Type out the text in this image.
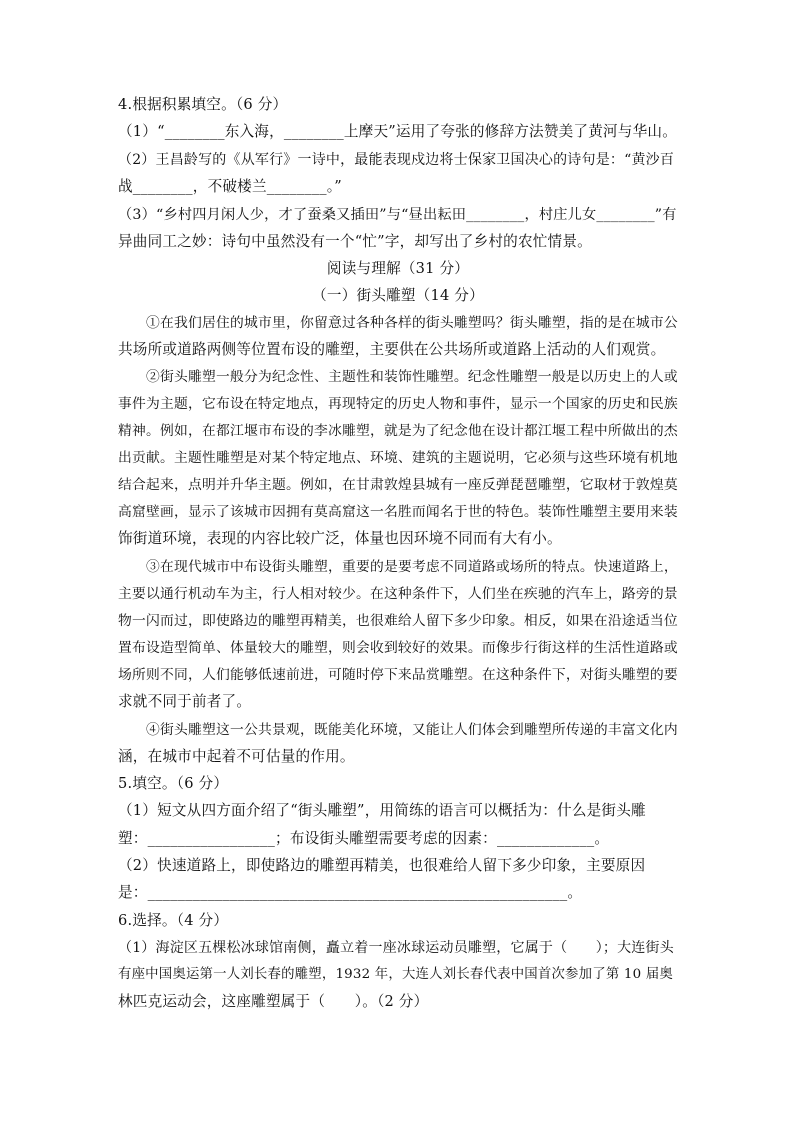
4.根据积累填空。（6 分）
（1）“________东入海，________上摩天”运用了夸张的修辞方法赞美了黄河与华山。
（2）王昌龄写的《从军行》一诗中，最能表现戍边将士保家卫国决心的诗句是：“黄沙百
战________，不破楼兰________。”
（3）“乡村四月闲人少，才了蚕桑又插田”与“昼出耘田________，村庄儿女________”有
异曲同工之妙：诗句中虽然没有一个“忙”字，却写出了乡村的农忙情景。
阅读与理解（31 分）
（一）街头雕塑（14 分）
①在我们居住的城市里，你留意过各种各样的街头雕塑吗？街头雕塑，指的是在城市公
共场所或道路两侧等位置布设的雕塑，主要供在公共场所或道路上活动的人们观赏。
②街头雕塑一般分为纪念性、主题性和装饰性雕塑。纪念性雕塑一般是以历史上的人或
事件为主题，它布设在特定地点，再现特定的历史人物和事件，显示一个国家的历史和民族
精神。例如，在都江堰市布设的李冰雕塑，就是为了纪念他在设计都江堰工程中所做出的杰
出贡献。主题性雕塑是对某个特定地点、环境、建筑的主题说明，它必须与这些环境有机地
结合起来，点明并升华主题。例如，在甘肃敦煌县城有一座反弹琵琶雕塑，它取材于敦煌莫
高窟壁画，显示了该城市因拥有莫高窟这一名胜而闻名于世的特色。装饰性雕塑主要用来装
饰街道环境，表现的内容比较广泛，体量也因环境不同而有大有小。
③在现代城市中布设街头雕塑，重要的是要考虑不同道路或场所的特点。快速道路上，
主要以通行机动车为主，行人相对较少。在这种条件下，人们坐在疾驰的汽车上，路旁的景
物一闪而过，即使路边的雕塑再精美，也很难给人留下多少印象。相反，如果在沿途适当位
置布设造型简单、体量较大的雕塑，则会收到较好的效果。而像步行街这样的生活性道路或
场所则不同，人们能够低速前进，可随时停下来品赏雕塑。在这种条件下，对街头雕塑的要
求就不同于前者了。
④街头雕塑这一公共景观，既能美化环境，又能让人们体会到雕塑所传递的丰富文化内
涵，在城市中起着不可估量的作用。
5.填空。（6 分）
（1）短文从四方面介绍了“街头雕塑”，用简练的语言可以概括为：什么是街头雕
塑：_________________；布设街头雕塑需要考虑的因素：_____________。
（2）快速道路上，即使路边的雕塑再精美，也很难给人留下多少印象，主要原因
是：________________________________________________________。
6.选择。（4 分）
（1）海淀区五棵松冰球馆南侧，矗立着一座冰球运动员雕塑，它属于（　　）；大连街头
有座中国奥运第一人刘长春的雕塑，1932 年，大连人刘长春代表中国首次参加了第 10 届奥
林匹克运动会，这座雕塑属于（　　）。（2 分）
